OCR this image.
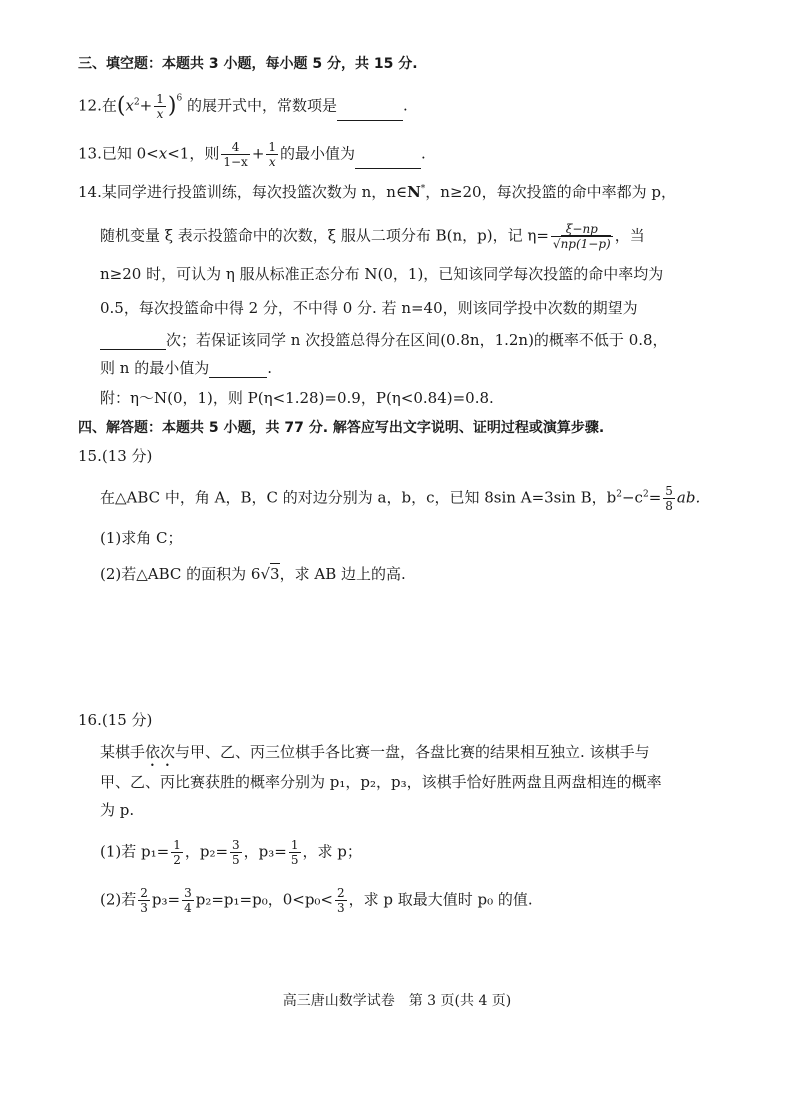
三、填空题：本题共 3 小题，每小题 5 分，共 15 分.
12.在$(x^2+ \frac{1}{x} )^6$ 的展开式中，常数项是	.
13.已知 0<x<1，则 $\frac{4}{1-x} + \frac{1}{x}$ 的最小值为	.
14.某同学进行投篮训练，每次投篮次数为 n，n∈N*，n≥20，每次投篮的命中率都为 p，
随机变量 ξ 表示投篮命中的次数，ξ 服从二项分布 B(n，p)，记 $\eta= \frac{\xi-np}{√np(1-p)}$ ，当
n≥20 时，可认为 η 服从标准正态分布 N(0，1)，已知该同学每次投篮的命中率均为
0.5，每次投篮命中得 2 分，不中得 0 分. 若 n=40，则该同学投中次数的期望为
次；若保证该同学 n 次投篮总得分在区间(0.8n，1.2n)的概率不低于 0.8，
则 n 的最小值为	.
附：η～N(0，1)，则 P(η<1.28)=0.9，P(η<0.84)=0.8.
四、解答题：本题共 5 小题，共 77 分. 解答应写出文字说明、证明过程或演算步骤.
15.(13 分)
在△ABC 中，角 A，B，C 的对边分别为 a，b，c，已知 8sin A=3sin B，$b^2-c^2= \frac{5}{8}$ ab.
(1)求角 C；
(2)若△ABC 的面积为 6√3，求 AB 边上的高.
16.(15 分)
某棋手依次与甲、乙、丙三位棋手各比赛一盘，各盘比赛的结果相互独立. 该棋手与
甲、乙、丙比赛获胜的概率分别为 p₁，p₂，p₃，该棋手恰好胜两盘且两盘相连的概率
为 p.
(1)若 $p_1= \frac{1}{2}$ ，$p_2= \frac{3}{5}$ ，$p_3= \frac{1}{5}$ ，求 p；
(2)若 $\frac{2}{3} p_3= \frac{3}{4} p_2=p_1=p_0$，$0<p_0< \frac{2}{3}$ ，求 p 取最大值时 p₀ 的值.
高三唐山数学试卷　第 3 页(共 4 页)
